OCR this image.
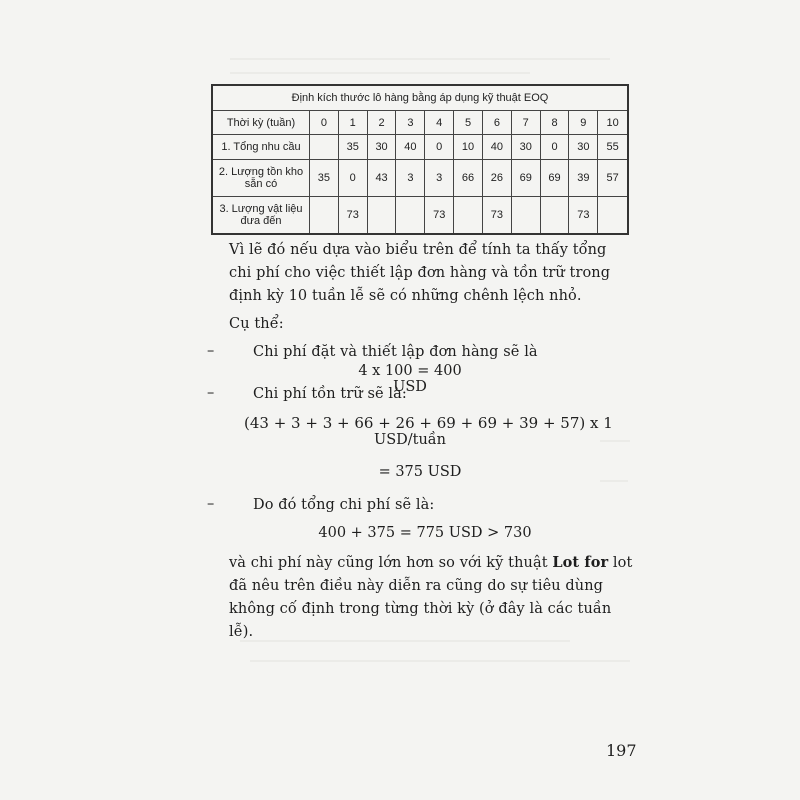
Định kích thước lô hàng bằng áp dụng kỹ thuật EOQ											
Thời kỳ (tuần)	0	1	2	3	4	5	6	7	8	9	10
1. Tổng nhu cầu		35	30	40	0	10	40	30	0	30	55
2. Lượng tồn kho
sẵn có	35	0	43	3	3	66	26	69	69	39	57
3. Lượng vật liệu
đưa đến		73			73		73			73	
Vì lẽ đó nếu dựa vào biểu trên để tính ta thấy tổng chi phí cho việc thiết lập đơn hàng và tồn trữ trong định kỳ 10 tuần lễ sẽ có những chênh lệch nhỏ.
Cụ thể:
–	Chi phí đặt và thiết lập đơn hàng sẽ là
4 x 100 = 400 USD
–	Chi phí tồn trữ sẽ là:
(43 + 3 + 3 + 66 + 26 + 69 + 69 + 39 + 57) x 1
USD/tuần
= 375 USD
–	Do đó tổng chi phí sẽ là:
400 + 375 = 775 USD > 730
và chi phí này cũng lớn hơn so với kỹ thuật Lot for lot đã nêu trên điều này diễn ra cũng do sự tiêu dùng không cố định trong từng thời kỳ (ở đây là các tuần lễ).
197
